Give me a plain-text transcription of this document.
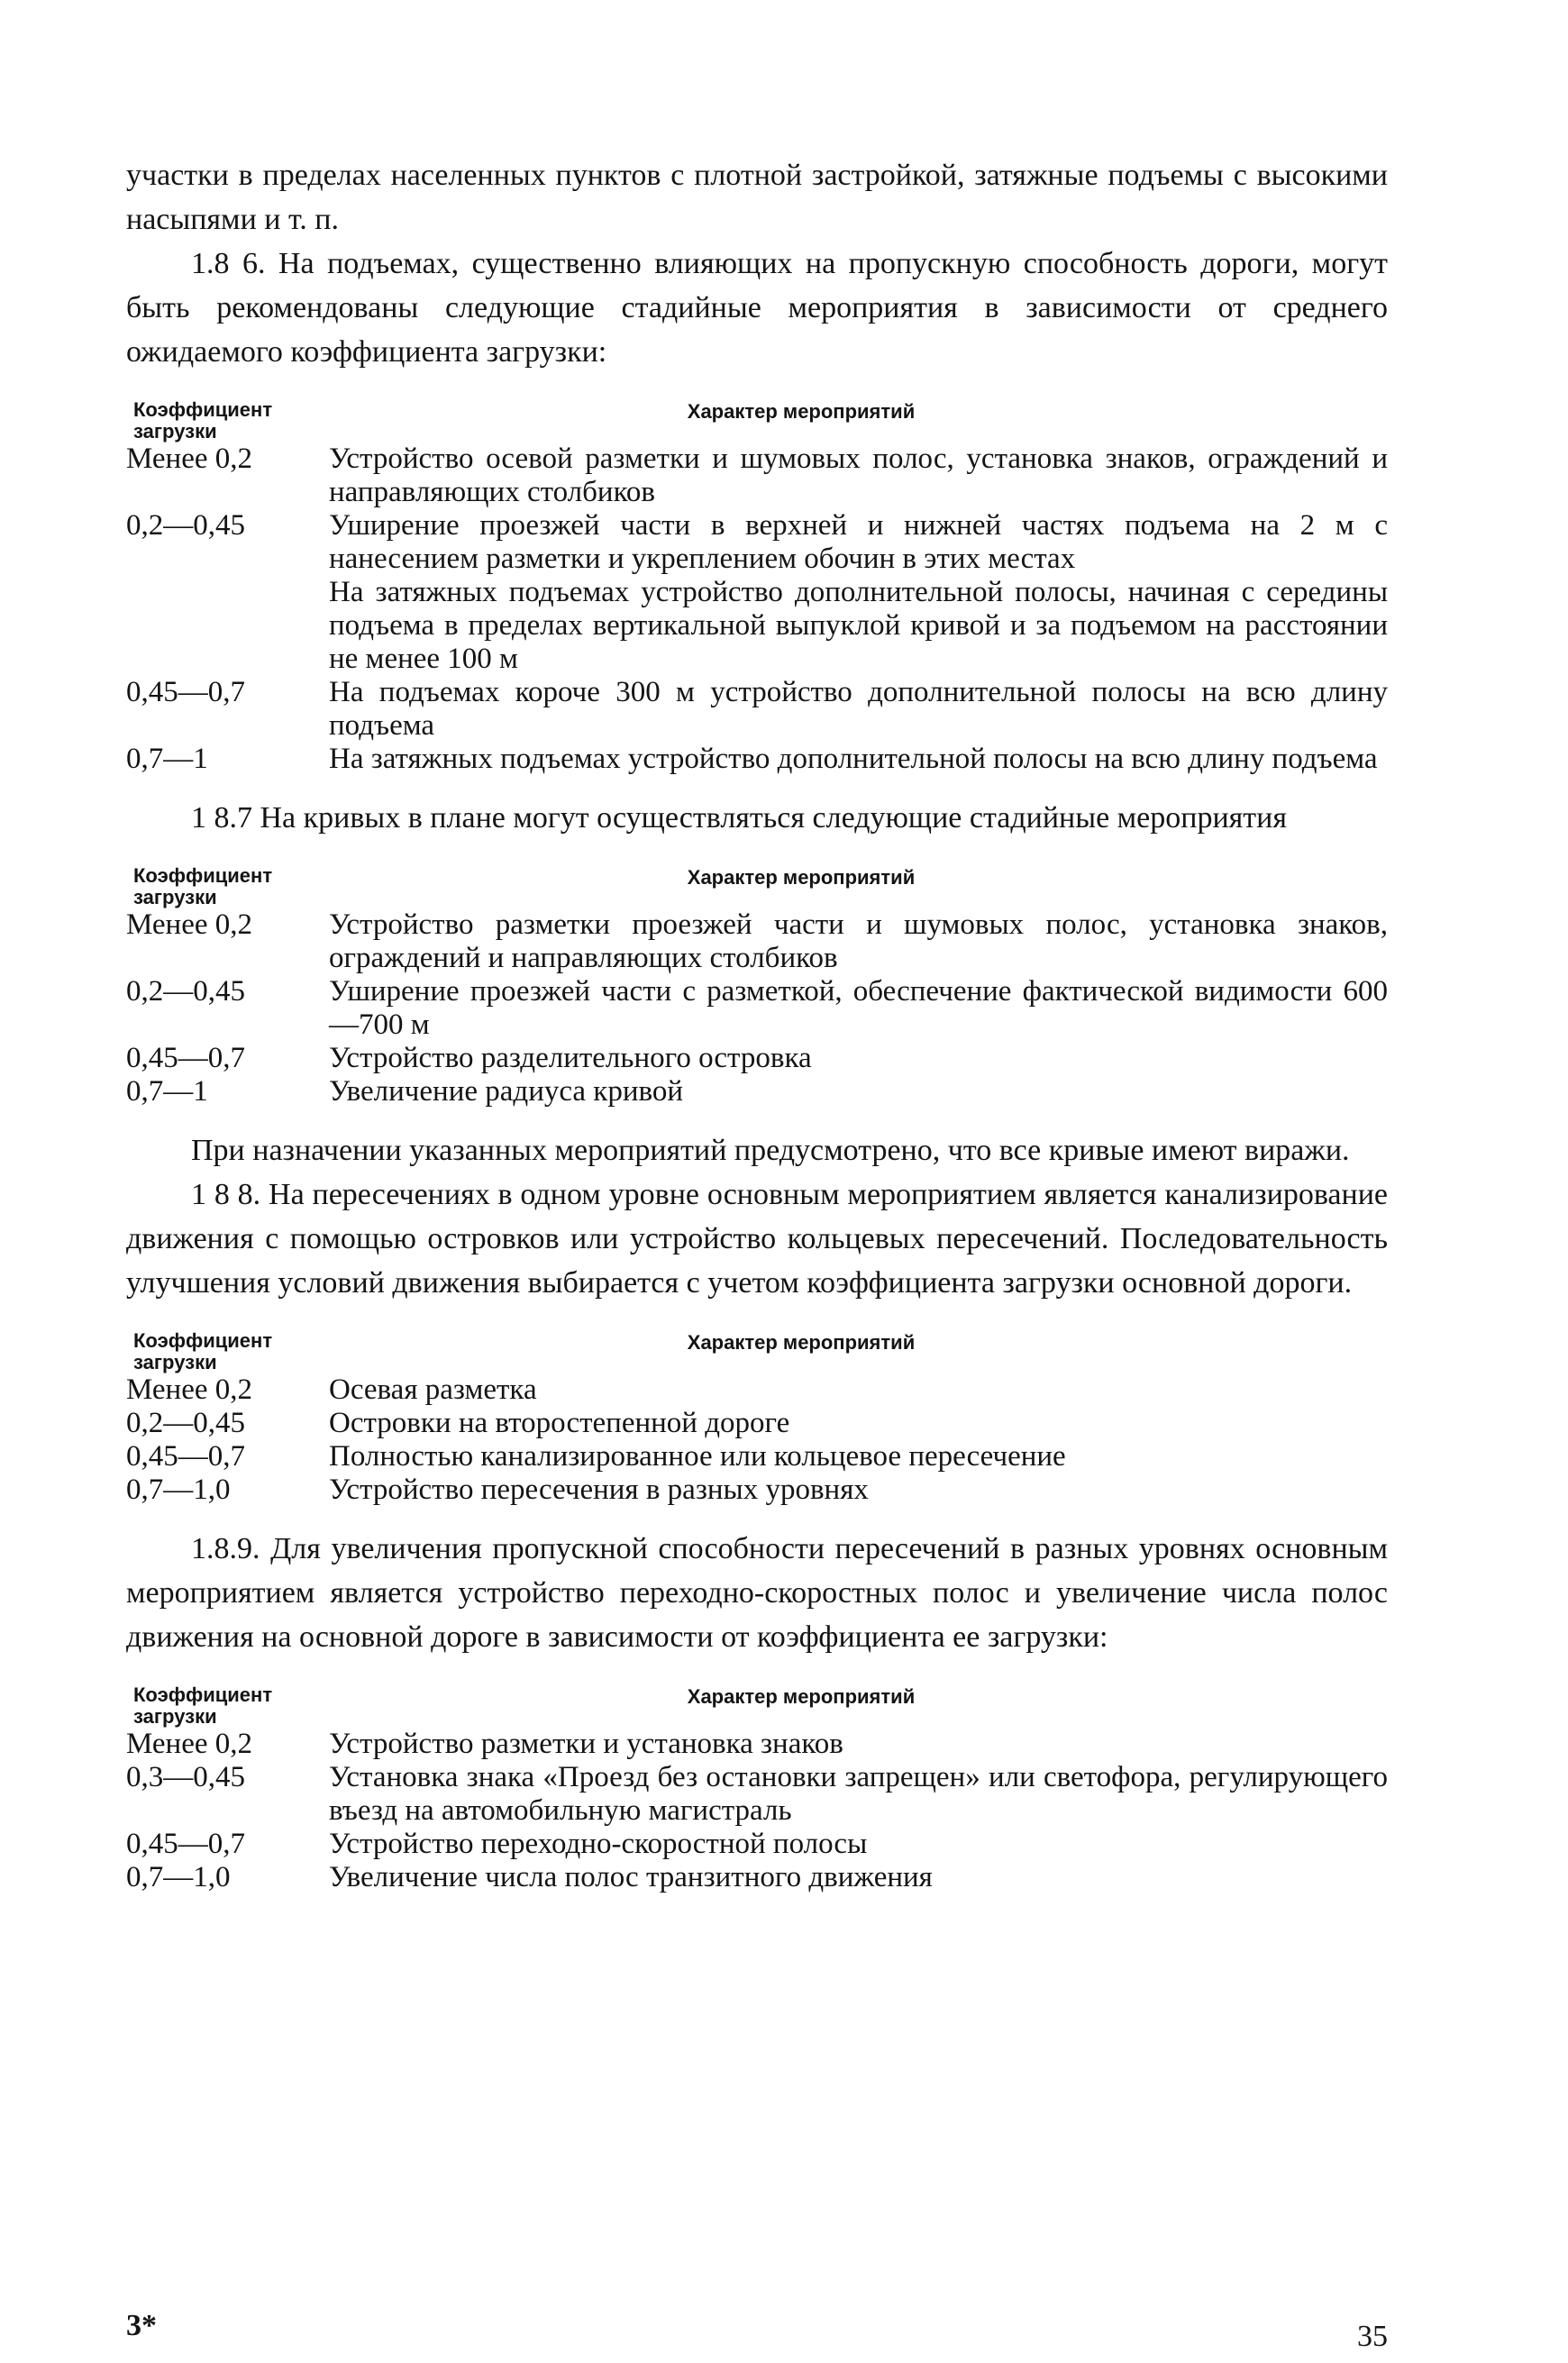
участки в пределах населенных пунктов с плотной застройкой, затяжные подъемы с высокими насыпями и т. п.

1.8 6. На подъемах, существенно влияющих на пропускную способность дороги, могут быть рекомендованы следующие стадийные мероприятия в зависимости от среднего ожидаемого коэффициента загрузки:

Коэффициент загрузки
Характер мероприятий
Менее 0,2	Устройство осевой разметки и шумовых полос, установка знаков, ограждений и направляющих столбиков
0,2—0,45	Уширение проезжей части в верхней и нижней частях подъема на 2 м с нанесением разметки и укреплением обочин в этих местах
На затяжных подъемах устройство дополнительной полосы, начиная с середины подъема в пределах вертикальной выпуклой кривой и за подъемом на расстоянии не менее 100 м
0,45—0,7	На подъемах короче 300 м устройство дополнительной полосы на всю длину подъема
0,7—1	На затяжных подъемах устройство дополнительной полосы на всю длину подъема

1 8.7 На кривых в плане могут осуществляться следующие стадийные мероприятия

Коэффициент загрузки
Характер мероприятий
Менее 0,2	Устройство разметки проезжей части и шумовых полос, установка знаков, ограждений и направляющих столбиков
0,2—0,45	Уширение проезжей части с разметкой, обеспечение фактической видимости 600—700 м
0,45—0,7	Устройство разделительного островка
0,7—1	Увеличение радиуса кривой

При назначении указанных мероприятий предусмотрено, что все кривые имеют виражи.

1 8 8. На пересечениях в одном уровне основным мероприятием является канализирование движения с помощью островков или устройство кольцевых пересечений. Последовательность улучшения условий движения выбирается с учетом коэффициента загрузки основной дороги.

Коэффициент загрузки
Характер мероприятий
Менее 0,2	Осевая разметка
0,2—0,45	Островки на второстепенной дороге
0,45—0,7	Полностью канализированное или кольцевое пересечение
0,7—1,0	Устройство пересечения в разных уровнях

1.8.9. Для увеличения пропускной способности пересечений в разных уровнях основным мероприятием является устройство переходно-скоростных полос и увеличение числа полос движения на основной дороге в зависимости от коэффициента ее загрузки:

Коэффициент загрузки
Характер мероприятий
Менее 0,2	Устройство разметки и установка знаков
0,3—0,45	Установка знака «Проезд без остановки запрещен» или светофора, регулирующего въезд на автомобильную магистраль
0,45—0,7	Устройство переходно-скоростной полосы
0,7—1,0	Увеличение числа полос транзитного движения
3*	35
